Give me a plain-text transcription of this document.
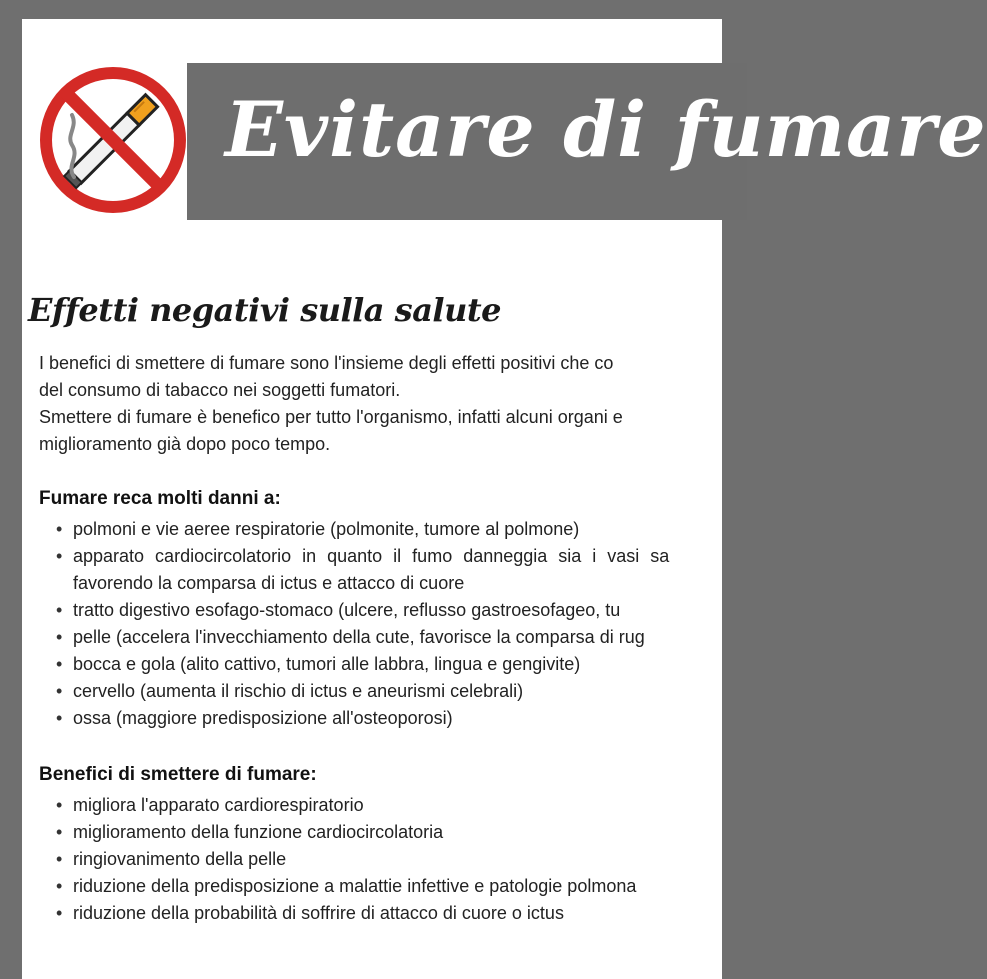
Evitare di fumare
Effetti negativi sulla salute
I benefici di smettere di fumare sono l'insieme degli effetti positivi che co
del consumo di tabacco nei soggetti fumatori.
Smettere di fumare è benefico per tutto l'organismo, infatti alcuni organi e
miglioramento già dopo poco tempo.
Fumare reca molti danni a:
• polmoni e vie aeree respiratorie (polmonite, tumore al polmone)
• apparato cardiocircolatorio in quanto il fumo danneggia sia i vasi sa
favorendo la comparsa di ictus e attacco di cuore
• tratto digestivo esofago-stomaco (ulcere, reflusso gastroesofageo, tu
• pelle (accelera l'invecchiamento della cute, favorisce la comparsa di rug
• bocca e gola (alito cattivo, tumori alle labbra, lingua e gengivite)
• cervello (aumenta il rischio di ictus e aneurismi celebrali)
• ossa (maggiore predisposizione all'osteoporosi)
Benefici di smettere di fumare:
• migliora l'apparato cardiorespiratorio
• miglioramento della funzione cardiocircolatoria
• ringiovanimento della pelle
• riduzione della predisposizione a malattie infettive e patologie polmona
• riduzione della probabilità di soffrire di attacco di cuore o ictus
